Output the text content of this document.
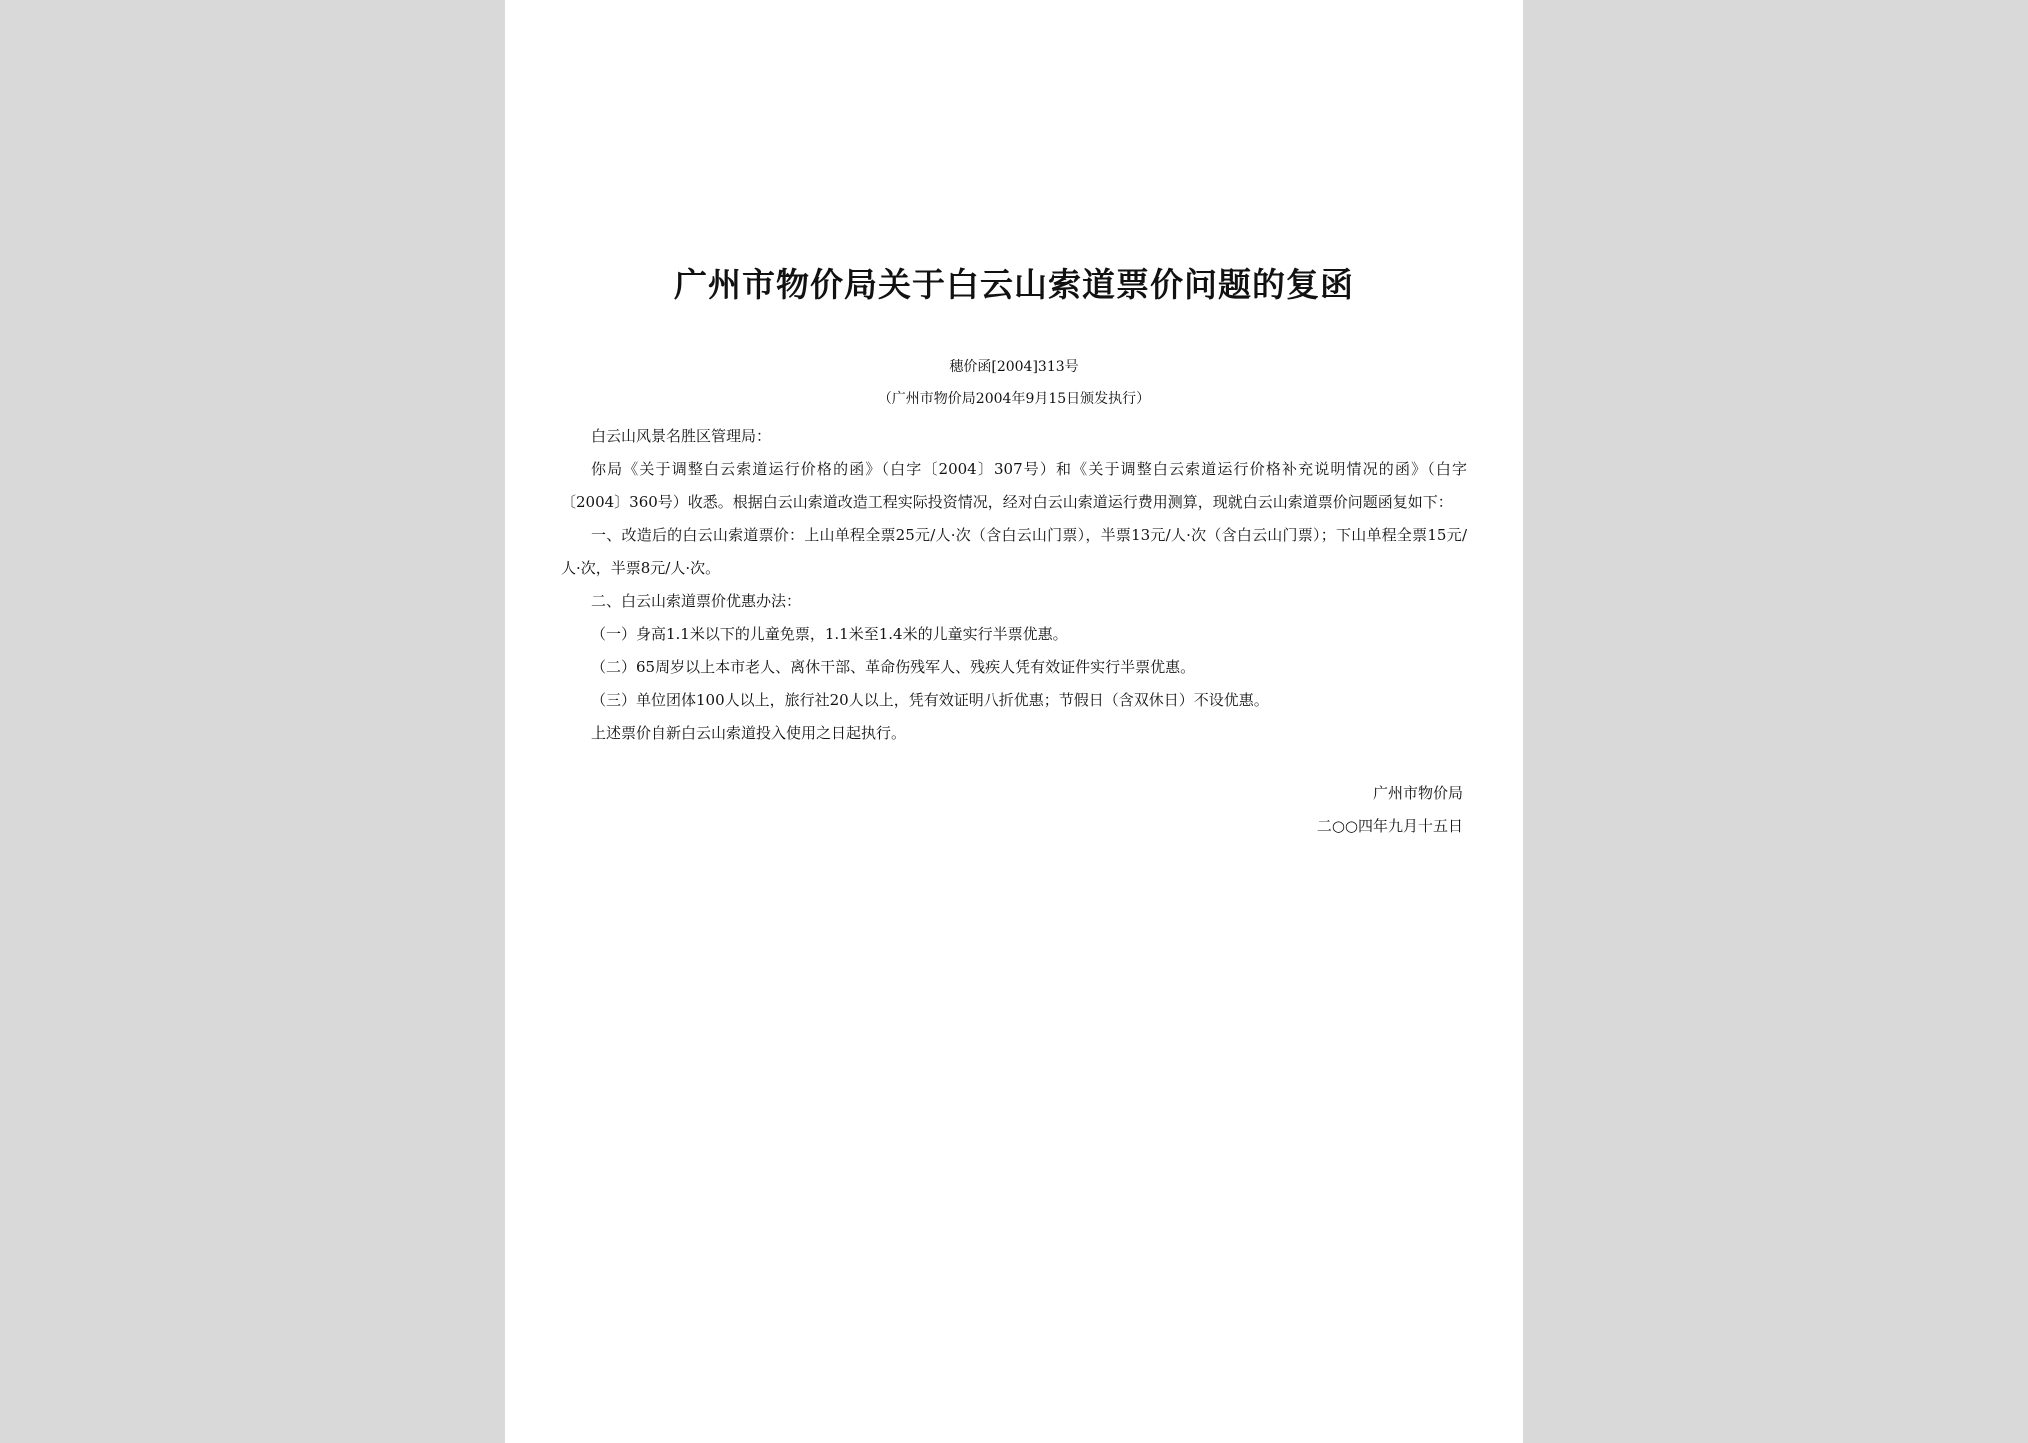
广州市物价局关于白云山索道票价问题的复函
穗价函[2004]313号
（广州市物价局2004年9月15日颁发执行）

白云山风景名胜区管理局：

你局《关于调整白云索道运行价格的函》（白字〔2004〕307号）和《关于调整白云索道运行价格补充说明情况的函》（白字〔2004〕360号）收悉。根据白云山索道改造工程实际投资情况，经对白云山索道运行费用测算，现就白云山索道票价问题函复如下：

一、改造后的白云山索道票价：上山单程全票25元/人·次（含白云山门票），半票13元/人·次（含白云山门票）；下山单程全票15元/人·次，半票8元/人·次。

二、白云山索道票价优惠办法：

（一）身高1.1米以下的儿童免票，1.1米至1.4米的儿童实行半票优惠。

（二）65周岁以上本市老人、离休干部、革命伤残军人、残疾人凭有效证件实行半票优惠。

（三）单位团体100人以上，旅行社20人以上，凭有效证明八折优惠；节假日（含双休日）不设优惠。

上述票价自新白云山索道投入使用之日起执行。

广州市物价局
二○○四年九月十五日
